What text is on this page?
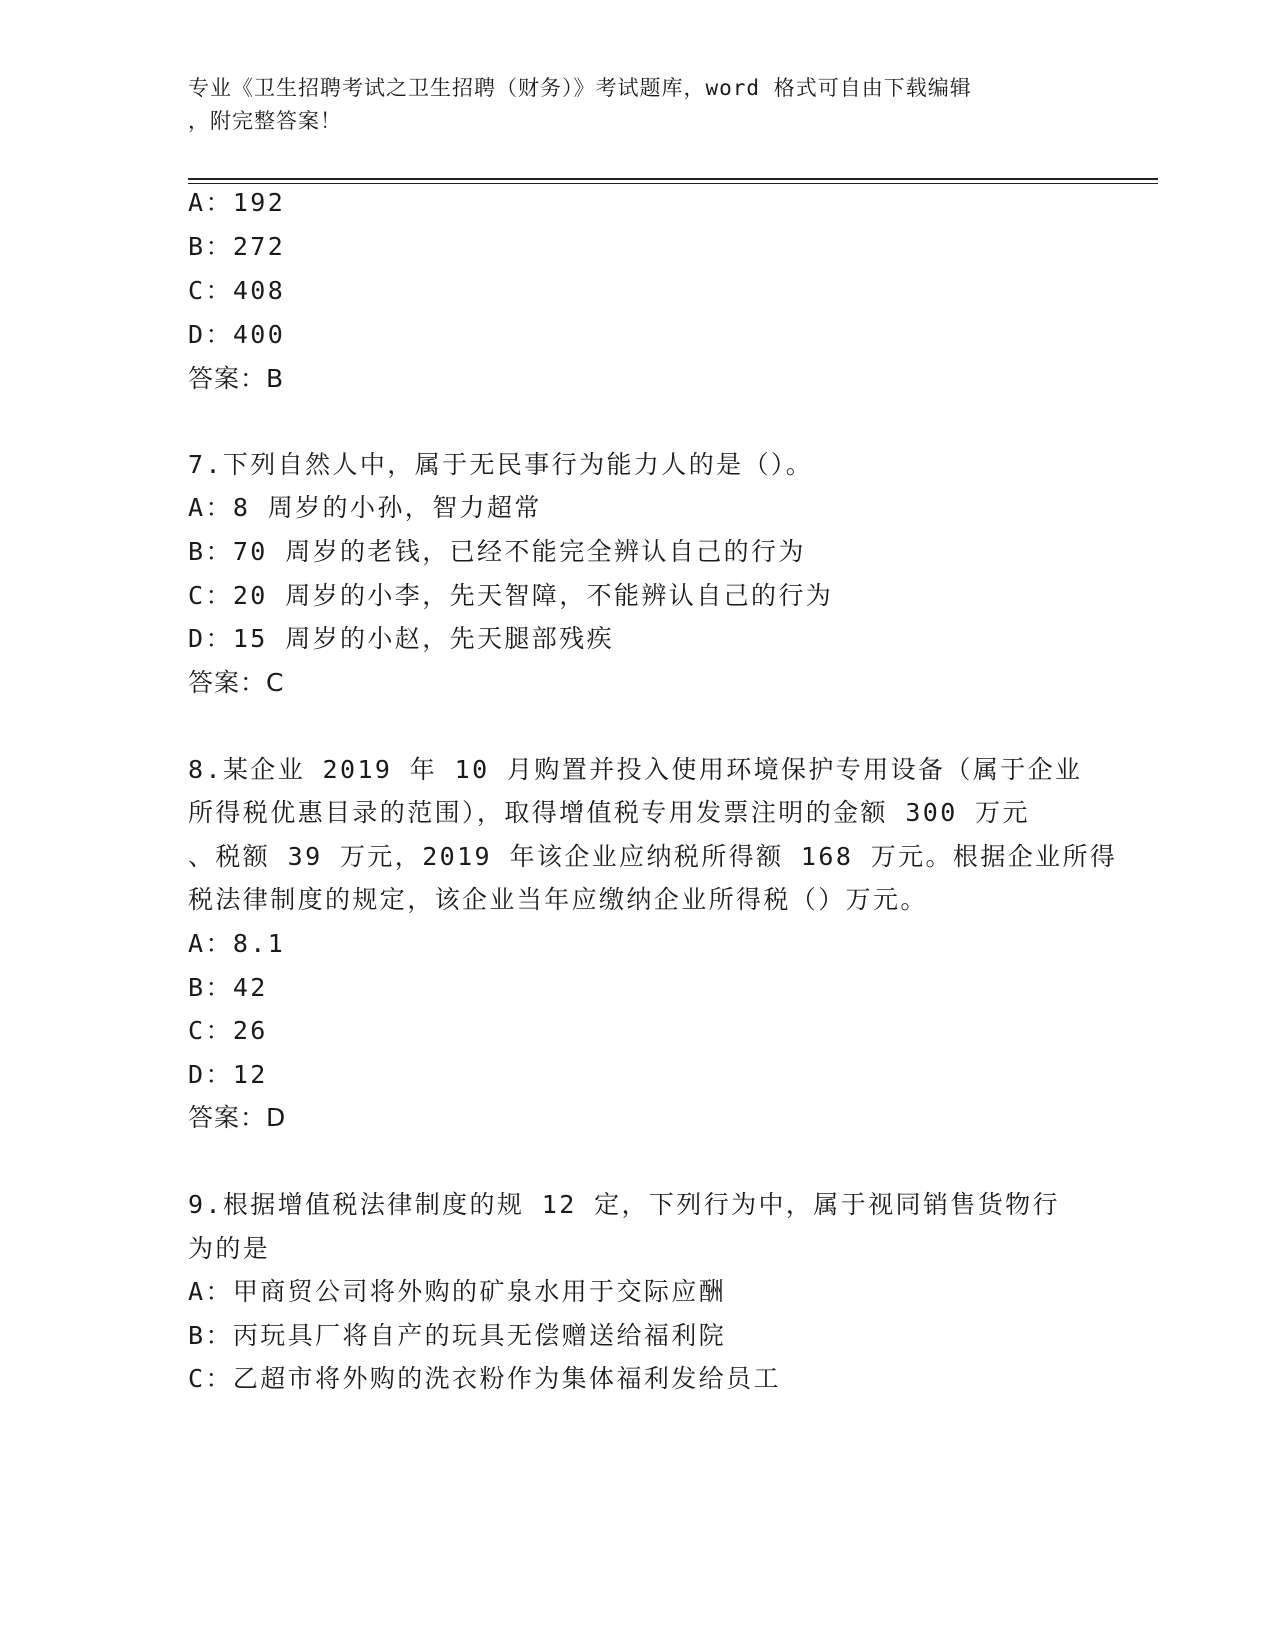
专业《卫生招聘考试之卫生招聘（财务）》考试题库，word 格式可自由下载编辑
，附完整答案！
A：192
B：272
C：408
D：400
答案：B
7.下列自然人中，属于无民事行为能力人的是（）。
A：8 周岁的小孙，智力超常
B：70 周岁的老钱，已经不能完全辨认自己的行为
C：20 周岁的小李，先天智障，不能辨认自己的行为
D：15 周岁的小赵，先天腿部残疾
答案：C
8.某企业 2019 年 10 月购置并投入使用环境保护专用设备（属于企业
所得税优惠目录的范围），取得增值税专用发票注明的金额 300 万元
、税额 39 万元，2019 年该企业应纳税所得额 168 万元。根据企业所得
税法律制度的规定，该企业当年应缴纳企业所得税（）万元。
A：8.1
B：42
C：26
D：12
答案：D
9.根据增值税法律制度的规 12 定，下列行为中，属于视同销售货物行
为的是
A：甲商贸公司将外购的矿泉水用于交际应酬
B：丙玩具厂将自产的玩具无偿赠送给福利院
C：乙超市将外购的洗衣粉作为集体福利发给员工
